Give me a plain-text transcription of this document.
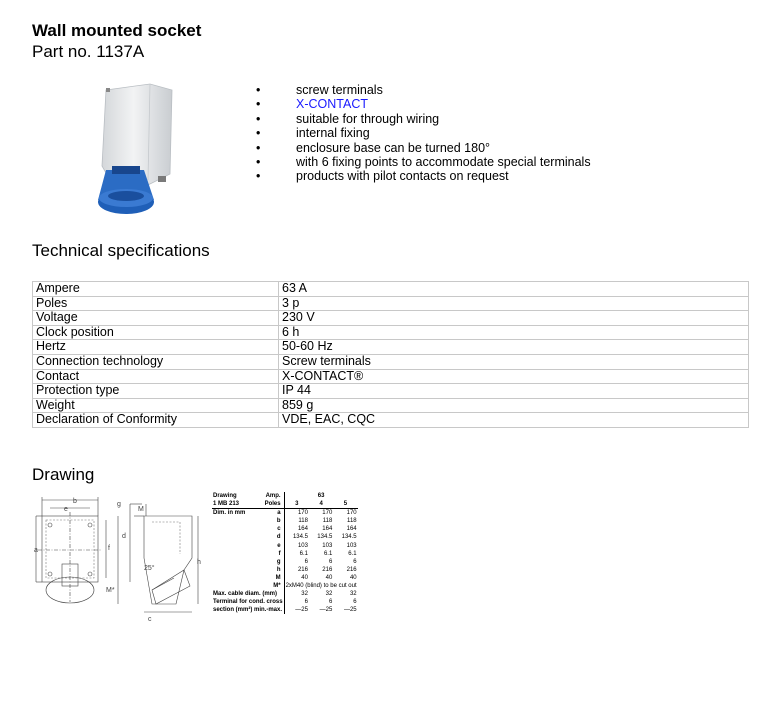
Wall mounted socket
Part no. 1137A
•	screw terminals
•	X-CONTACT
•	suitable for through wiring
•	internal fixing
•	enclosure base can be turned 180°
•	with 6 fixing points to accommodate special terminals
•	products with pilot contacts on request
Technical specifications
Ampere	63 A
Poles	3 p
Voltage	230 V
Clock position	6 h
Hertz	50-60 Hz
Connection technology	Screw terminals
Contact	X-CONTACT®
Protection type	IP 44
Weight	859 g
Declaration of Conformity	VDE, EAC, CQC
Drawing
b
e
a	f
g
M
d
h
c
M*
25°
Drawing	Amp.	63		
1 MB 213	Poles	3	4	5
Dim. in mm	a	170	170	170
	b	118	118	118
	c	164	164	164
	d	134.5	134.5	134.5
	e	103	103	103
	f	6.1	6.1	6.1
	g	6	6	6
	h	216	216	216
	M	40	40	40
	M*	2xM40 (blind) to be cut out		
Max. cable diam. (mm)		32	32	32
Terminal for cond. cross		6	6	6
section (mm²) min.-max.		—25	—25	—25
